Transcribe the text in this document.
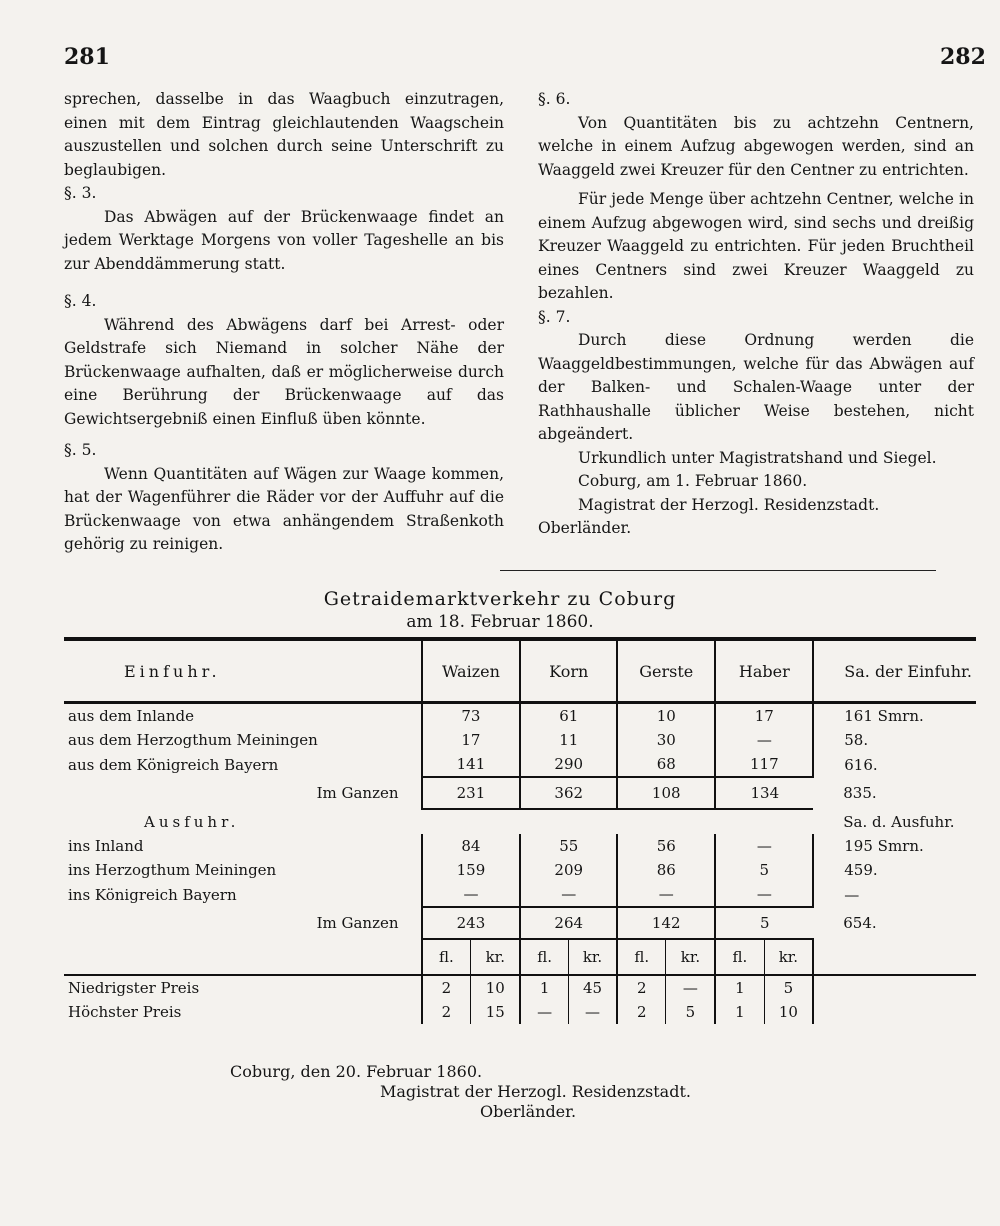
281	282

sprechen, dasselbe in das Waagbuch einzutragen, einen mit dem Eintrag gleichlautenden Waagschein auszustellen und solchen durch seine Unterschrift zu beglaubigen.

§. 3.

Das Abwägen auf der Brückenwaage findet an jedem Werktage Morgens von voller Tageshelle an bis zur Abenddämmerung statt.

§. 4.

Während des Abwägens darf bei Arrest- oder Geldstrafe sich Niemand in solcher Nähe der Brückenwaage aufhalten, daß er möglicherweise durch eine Berührung der Brückenwaage auf das Gewichtsergebniß einen Einfluß üben könnte.

§. 5.

Wenn Quantitäten auf Wägen zur Waage kommen, hat der Wagenführer die Räder vor der Auffuhr auf die Brückenwaage von etwa anhängendem Straßenkoth gehörig zu reinigen.

§. 6.

Von Quantitäten bis zu achtzehn Centnern, welche in einem Aufzug abgewogen werden, sind an Waaggeld zwei Kreuzer für den Centner zu entrichten.

Für jede Menge über achtzehn Centner, welche in einem Aufzug abgewogen wird, sind sechs und dreißig Kreuzer Waaggeld zu entrichten. Für jeden Bruchtheil eines Centners sind zwei Kreuzer Waaggeld zu bezahlen.

§. 7.

Durch diese Ordnung werden die Waaggeldbestimmungen, welche für das Abwägen auf der Balken- und Schalen-Waage unter der Rathhaushalle üblicher Weise bestehen, nicht abgeändert.

Urkundlich unter Magistratshand und Siegel.

Coburg, am 1. Februar 1860.

Magistrat der Herzogl. Residenzstadt.

Oberländer.

Getraidemarktverkehr zu Coburg
am 18. Februar 1860.

Einfuhr.	Waizen		Korn		Gerste		Haber		Sa. der Einfuhr.
aus dem Inlande	73		61		10		17		161 Smrn.
aus dem Herzogthum Meiningen	17		11		30		—		58.
aus dem Königreich Bayern	141		290		68		117		616.
Im Ganzen	231		362		108		134		835.
Ausfuhr.									Sa. d. Ausfuhr.
ins Inland	84		55		56		—		195 Smrn.
ins Herzogthum Meiningen	159		209		86		5		459.
ins Königreich Bayern	—		—		—		—		—
Im Ganzen	243		264		142		5		654.
	fl.	kr.	fl.	kr.	fl.	kr.	fl.	kr.	
Niedrigster Preis	2	10	1	45	2	—	1	5	
Höchster Preis	2	15	—	—	2	5	1	10	
Coburg, den 20. Februar 1860.
Magistrat der Herzogl. Residenzstadt.
Oberländer.
